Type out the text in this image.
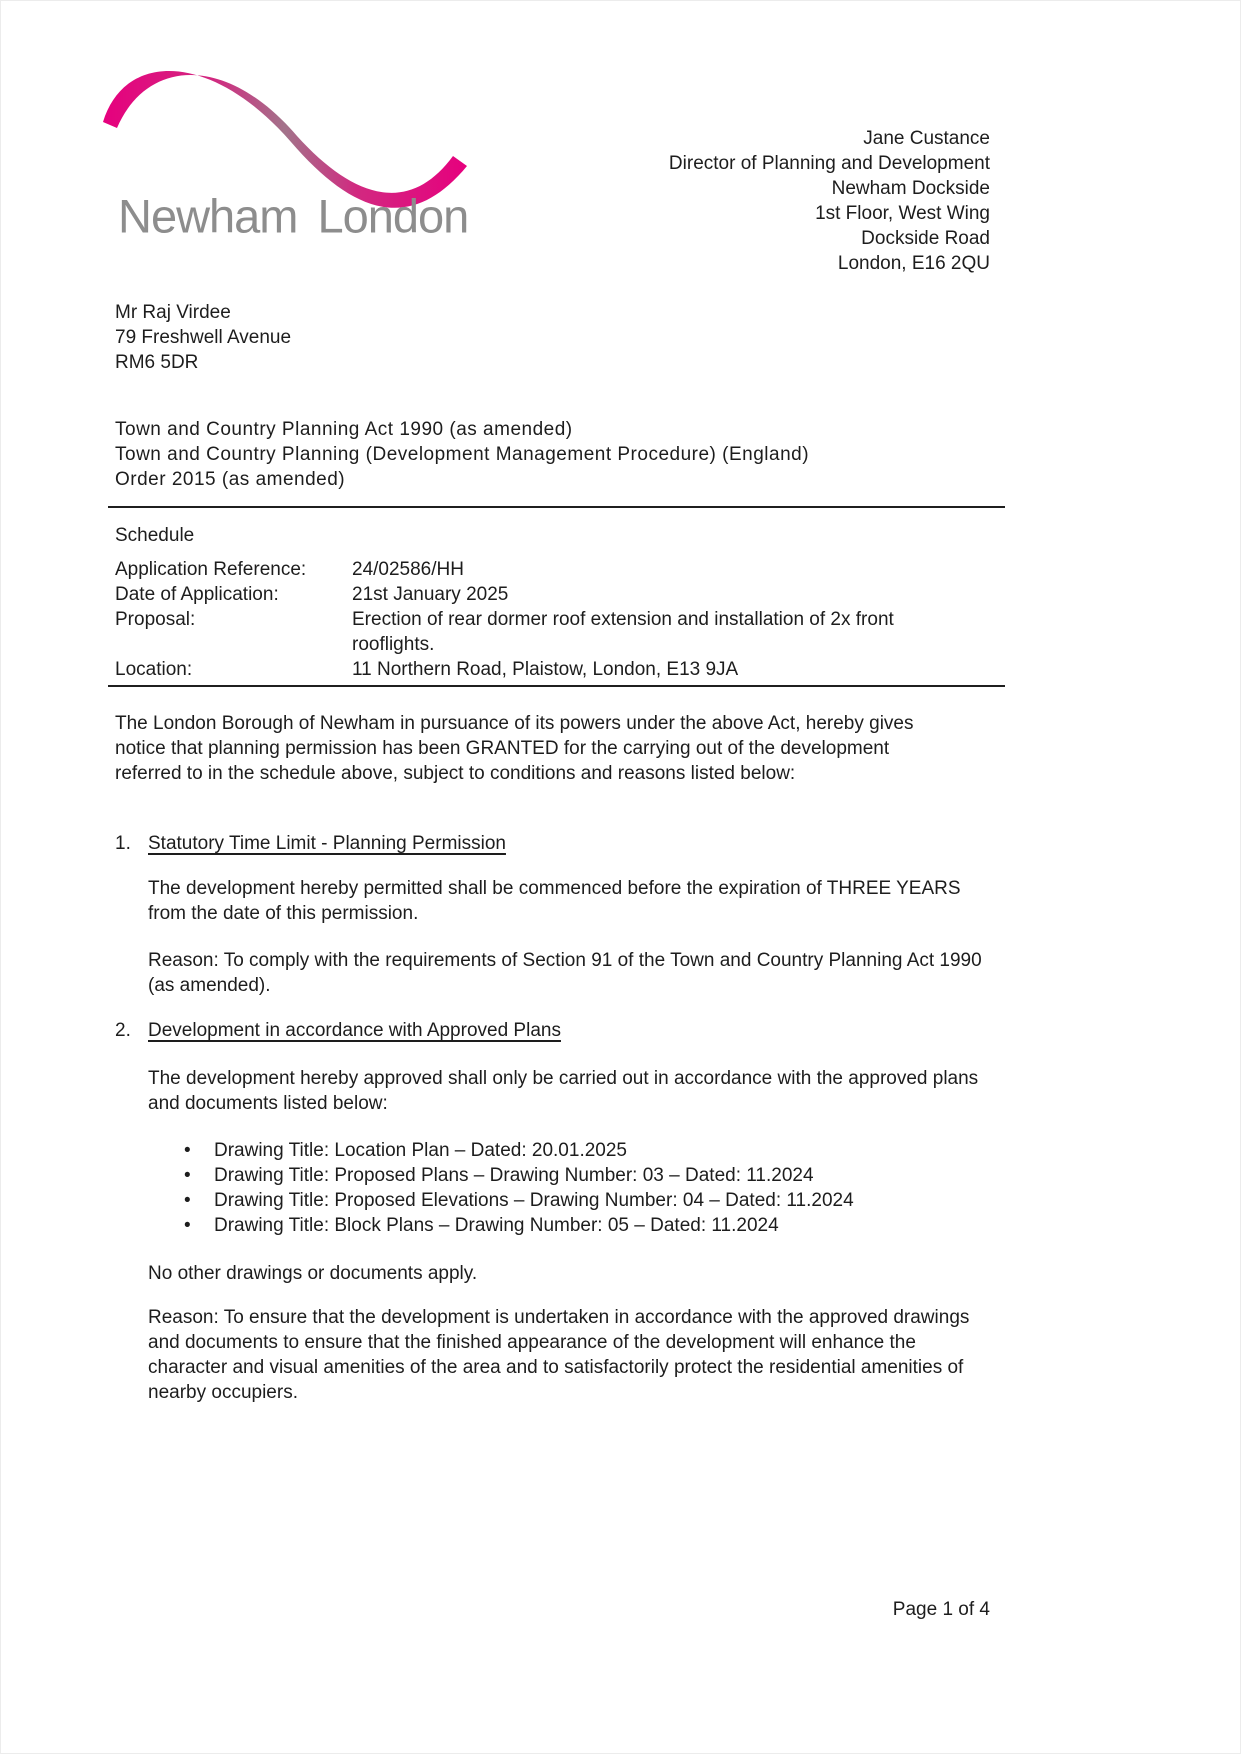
Newham London
Jane Custance
Director of Planning and Development
Newham Dockside
1st Floor, West Wing
Dockside Road
London, E16 2QU
Mr Raj Virdee
79 Freshwell Avenue
RM6 5DR
Town and Country Planning Act 1990 (as amended)
Town and Country Planning (Development Management Procedure) (England)
Order 2015 (as amended)
Schedule
Application Reference:	24/02586/HH
Date of Application:	21st January 2025
Proposal:	Erection of rear dormer roof extension and installation of 2x front rooflights.
Location:	11 Northern Road, Plaistow, London, E13 9JA
The London Borough of Newham in pursuance of its powers under the above Act, hereby gives notice that planning permission has been GRANTED for the carrying out of the development referred to in the schedule above, subject to conditions and reasons listed below:
1. Statutory Time Limit - Planning Permission
The development hereby permitted shall be commenced before the expiration of THREE YEARS from the date of this permission.
Reason: To comply with the requirements of Section 91 of the Town and Country Planning Act 1990 (as amended).
2. Development in accordance with Approved Plans
The development hereby approved shall only be carried out in accordance with the approved plans and documents listed below:
•	Drawing Title: Location Plan – Dated: 20.01.2025
•	Drawing Title: Proposed Plans – Drawing Number: 03 – Dated: 11.2024
•	Drawing Title: Proposed Elevations – Drawing Number: 04 – Dated: 11.2024
•	Drawing Title: Block Plans – Drawing Number: 05 – Dated: 11.2024
No other drawings or documents apply.
Reason: To ensure that the development is undertaken in accordance with the approved drawings and documents to ensure that the finished appearance of the development will enhance the character and visual amenities of the area and to satisfactorily protect the residential amenities of nearby occupiers.
Page 1 of 4
